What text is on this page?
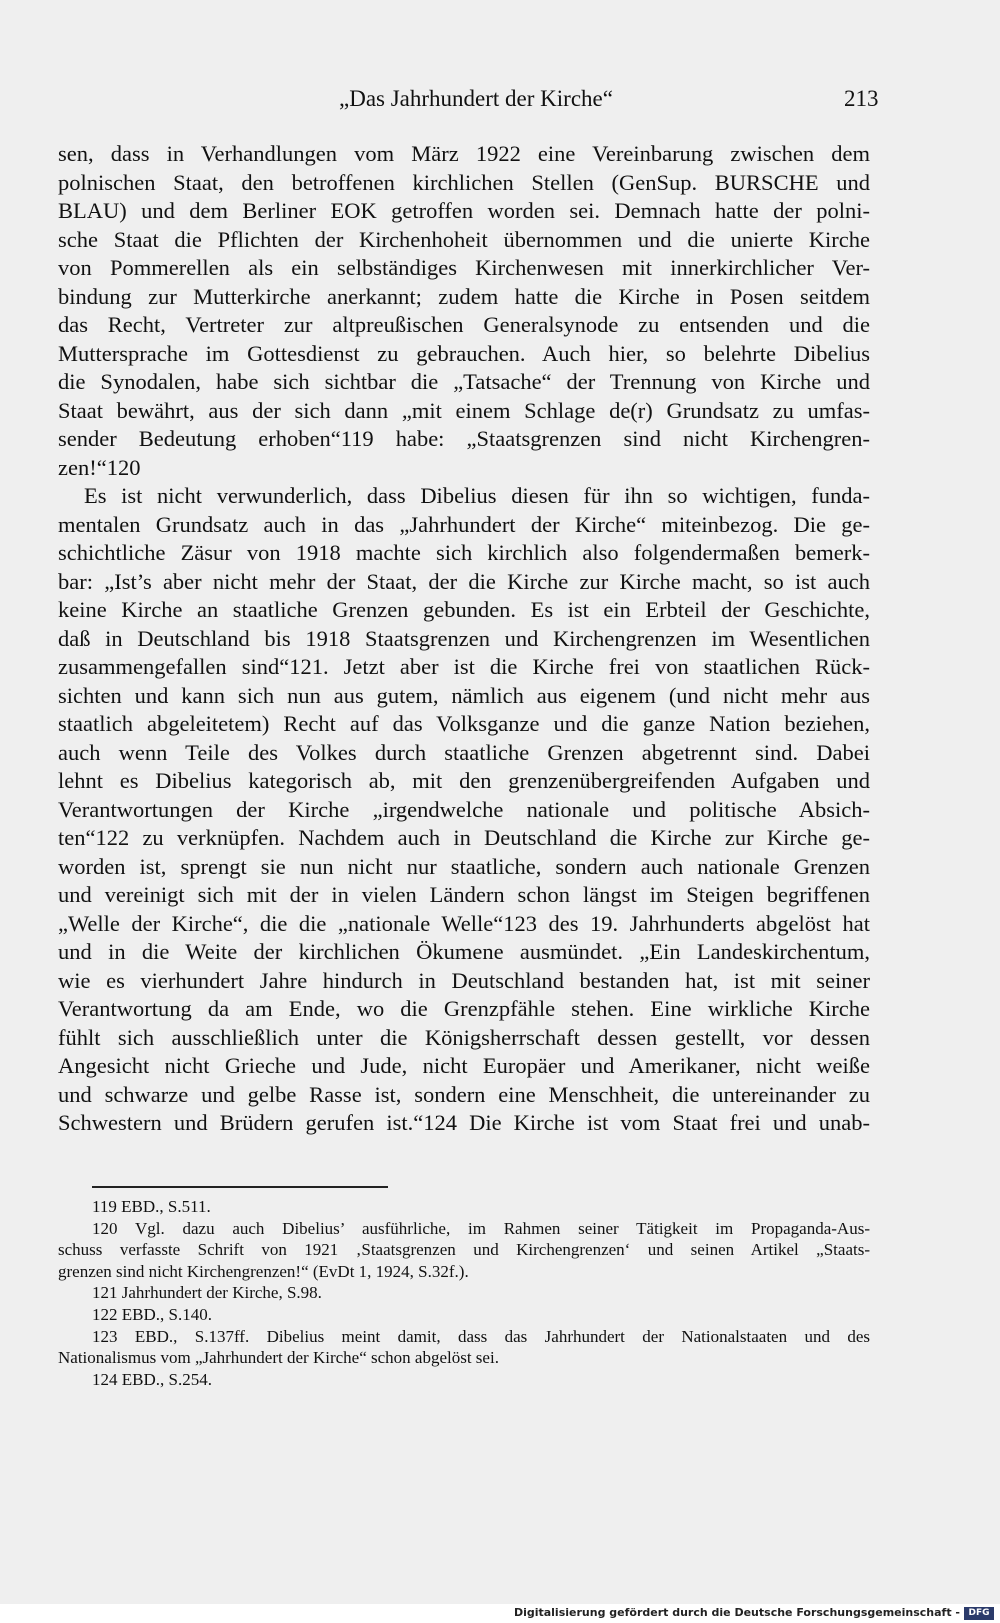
„Das Jahrhundert der Kirche“	213
sen, dass in Verhandlungen vom März 1922 eine Vereinbarung zwischen dem
polnischen Staat, den betroffenen kirchlichen Stellen (GenSup. BURSCHE und
BLAU) und dem Berliner EOK getroffen worden sei. Demnach hatte der polni-
sche Staat die Pflichten der Kirchenhoheit übernommen und die unierte Kirche
von Pommerellen als ein selbständiges Kirchenwesen mit innerkirchlicher Ver-
bindung zur Mutterkirche anerkannt; zudem hatte die Kirche in Posen seitdem
das Recht, Vertreter zur altpreußischen Generalsynode zu entsenden und die
Muttersprache im Gottesdienst zu gebrauchen. Auch hier, so belehrte Dibelius
die Synodalen, habe sich sichtbar die „Tatsache“ der Trennung von Kirche und
Staat bewährt, aus der sich dann „mit einem Schlage de(r) Grundsatz zu umfas-
sender Bedeutung erhoben“119 habe: „Staatsgrenzen sind nicht Kirchengren-
zen!“120
Es ist nicht verwunderlich, dass Dibelius diesen für ihn so wichtigen, funda-
mentalen Grundsatz auch in das „Jahrhundert der Kirche“ miteinbezog. Die ge-
schichtliche Zäsur von 1918 machte sich kirchlich also folgendermaßen bemerk-
bar: „Ist’s aber nicht mehr der Staat, der die Kirche zur Kirche macht, so ist auch
keine Kirche an staatliche Grenzen gebunden. Es ist ein Erbteil der Geschichte,
daß in Deutschland bis 1918 Staatsgrenzen und Kirchengrenzen im Wesentlichen
zusammengefallen sind“121. Jetzt aber ist die Kirche frei von staatlichen Rück-
sichten und kann sich nun aus gutem, nämlich aus eigenem (und nicht mehr aus
staatlich abgeleitetem) Recht auf das Volksganze und die ganze Nation beziehen,
auch wenn Teile des Volkes durch staatliche Grenzen abgetrennt sind. Dabei
lehnt es Dibelius kategorisch ab, mit den grenzenübergreifenden Aufgaben und
Verantwortungen der Kirche „irgendwelche nationale und politische Absich-
ten“122 zu verknüpfen. Nachdem auch in Deutschland die Kirche zur Kirche ge-
worden ist, sprengt sie nun nicht nur staatliche, sondern auch nationale Grenzen
und vereinigt sich mit der in vielen Ländern schon längst im Steigen begriffenen
„Welle der Kirche“, die die „nationale Welle“123 des 19. Jahrhunderts abgelöst hat
und in die Weite der kirchlichen Ökumene ausmündet. „Ein Landeskirchentum,
wie es vierhundert Jahre hindurch in Deutschland bestanden hat, ist mit seiner
Verantwortung da am Ende, wo die Grenzpfähle stehen. Eine wirkliche Kirche
fühlt sich ausschließlich unter die Königsherrschaft dessen gestellt, vor dessen
Angesicht nicht Grieche und Jude, nicht Europäer und Amerikaner, nicht weiße
und schwarze und gelbe Rasse ist, sondern eine Menschheit, die untereinander zu
Schwestern und Brüdern gerufen ist.“124 Die Kirche ist vom Staat frei und unab-
119 EBD., S.511.
120 Vgl. dazu auch Dibelius’ ausführliche, im Rahmen seiner Tätigkeit im Propaganda-Aus-
schuss verfasste Schrift von 1921 ‚Staatsgrenzen und Kirchengrenzen‘ und seinen Artikel „Staats-
grenzen sind nicht Kirchengrenzen!“ (EvDt 1, 1924, S.32f.).
121 Jahrhundert der Kirche, S.98.
122 EBD., S.140.
123 EBD., S.137ff. Dibelius meint damit, dass das Jahrhundert der Nationalstaaten und des
Nationalismus vom „Jahrhundert der Kirche“ schon abgelöst sei.
124 EBD., S.254.
Digitalisierung gefördert durch die Deutsche Forschungsgemeinschaft - DFG
